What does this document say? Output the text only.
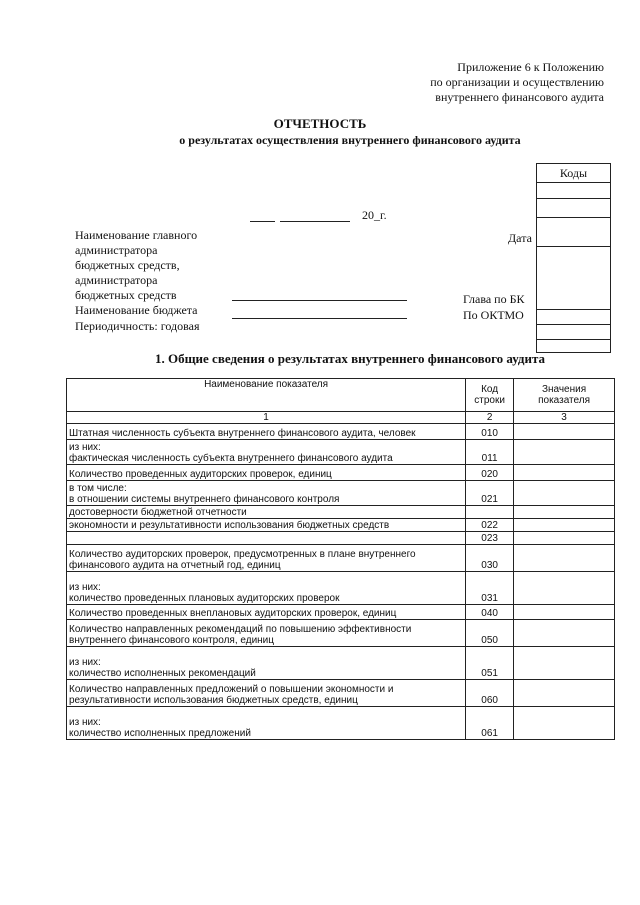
Приложение 6 к Положению
по организации и осуществлению
внутреннего финансового аудита
ОТЧЕТНОСТЬ
о результатах осуществления внутреннего финансового аудита
Коды

20_г.
Наименование главного администратора бюджетных средств, администратора бюджетных средств
Наименование бюджета
Периодичность: годовая
Дата
Глава по БК
По ОКТМО
1. Общие сведения о результатах внутреннего финансового аудита
Наименование показателя	Код строки	Значения показателя
1	2	3
Штатная численность субъекта внутреннего финансового аудита, человек	010	
из них:
фактическая численность субъекта внутреннего финансового аудита	011	
Количество проведенных аудиторских проверок, единиц	020	
в том числе:
в отношении системы внутреннего финансового контроля	021	
достоверности бюджетной отчетности		
экономности и результативности использования бюджетных средств	022	
	023	
Количество аудиторских проверок, предусмотренных в плане внутреннего финансового аудита на отчетный год, единиц	030	
из них:
количество проведенных плановых аудиторских проверок	031	
Количество проведенных внеплановых аудиторских проверок, единиц	040	
Количество направленных рекомендаций по повышению эффективности внутреннего финансового контроля, единиц	050	
из них:
количество исполненных рекомендаций	051	
Количество направленных предложений о повышении экономности и результативности использования бюджетных средств, единиц	060	
из них:
количество исполненных предложений	061	
